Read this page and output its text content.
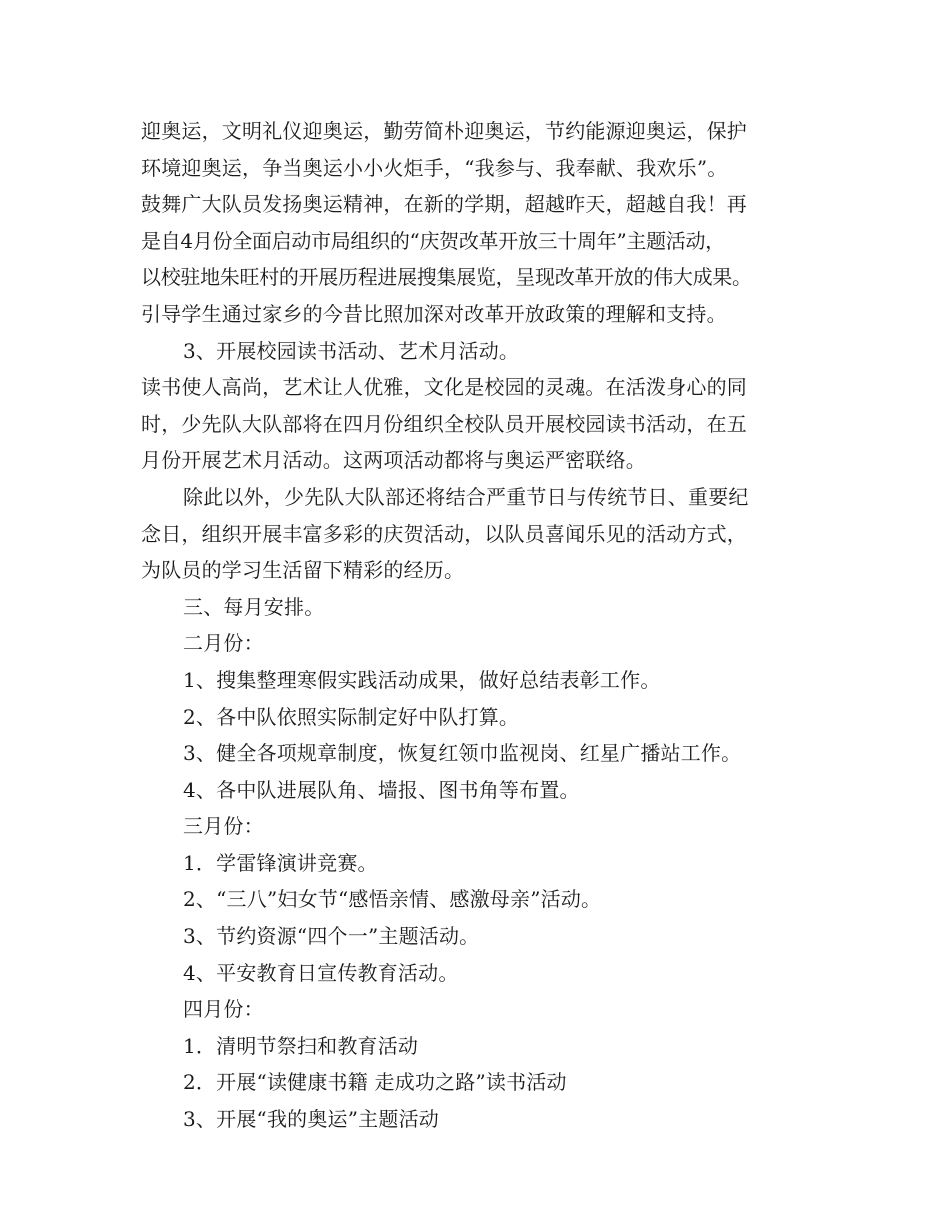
迎奥运，文明礼仪迎奥运，勤劳简朴迎奥运，节约能源迎奥运，保护
环境迎奥运，争当奥运小小火炬手，“我参与、我奉献、我欢乐”。
鼓舞广大队员发扬奥运精神，在新的学期，超越昨天，超越自我！再
是自4月份全面启动市局组织的“庆贺改革开放三十周年”主题活动，
以校驻地朱旺村的开展历程进展搜集展览，呈现改革开放的伟大成果。
引导学生通过家乡的今昔比照加深对改革开放政策的理解和支持。
3、开展校园读书活动、艺术月活动。
读书使人高尚，艺术让人优雅，文化是校园的灵魂。在活泼身心的同
时，少先队大队部将在四月份组织全校队员开展校园读书活动，在五
月份开展艺术月活动。这两项活动都将与奥运严密联络。
除此以外，少先队大队部还将结合严重节日与传统节日、重要纪
念日，组织开展丰富多彩的庆贺活动，以队员喜闻乐见的活动方式，
为队员的学习生活留下精彩的经历。
三、每月安排。
二月份：
1、搜集整理寒假实践活动成果，做好总结表彰工作。
2、各中队依照实际制定好中队打算。
3、健全各项规章制度，恢复红领巾监视岗、红星广播站工作。
4、各中队进展队角、墙报、图书角等布置。
三月份：
1．学雷锋演讲竞赛。
2、“三八”妇女节“感悟亲情、感激母亲”活动。
3、节约资源“四个一”主题活动。
4、平安教育日宣传教育活动。
四月份：
1．清明节祭扫和教育活动
2．开展“读健康书籍 走成功之路”读书活动
3、开展“我的奥运”主题活动
